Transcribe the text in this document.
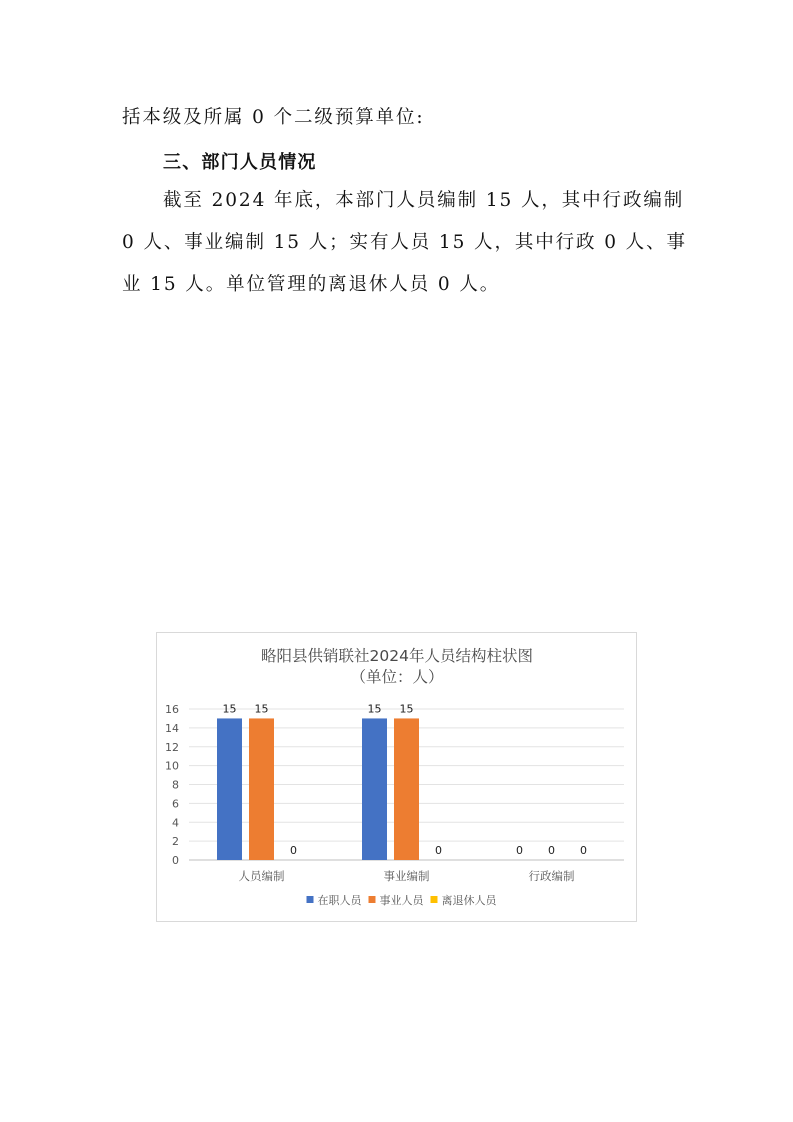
括本级及所属 0 个二级预算单位:

三、部门人员情况

截至 2024 年底，本部门人员编制 15 人，其中行政编制

0 人、事业编制 15 人；实有人员 15 人，其中行政 0 人、事

业 15 人。单位管理的离退休人员 0 人。

略阳县供销联社2024年人员结构柱状图
（单位：人）
0
2
4
6
8
10
12
14
16	15 15
0
15 15
0	0 0 0
人员编制	事业编制	行政编制
在职人员 事业人员 离退休人员
